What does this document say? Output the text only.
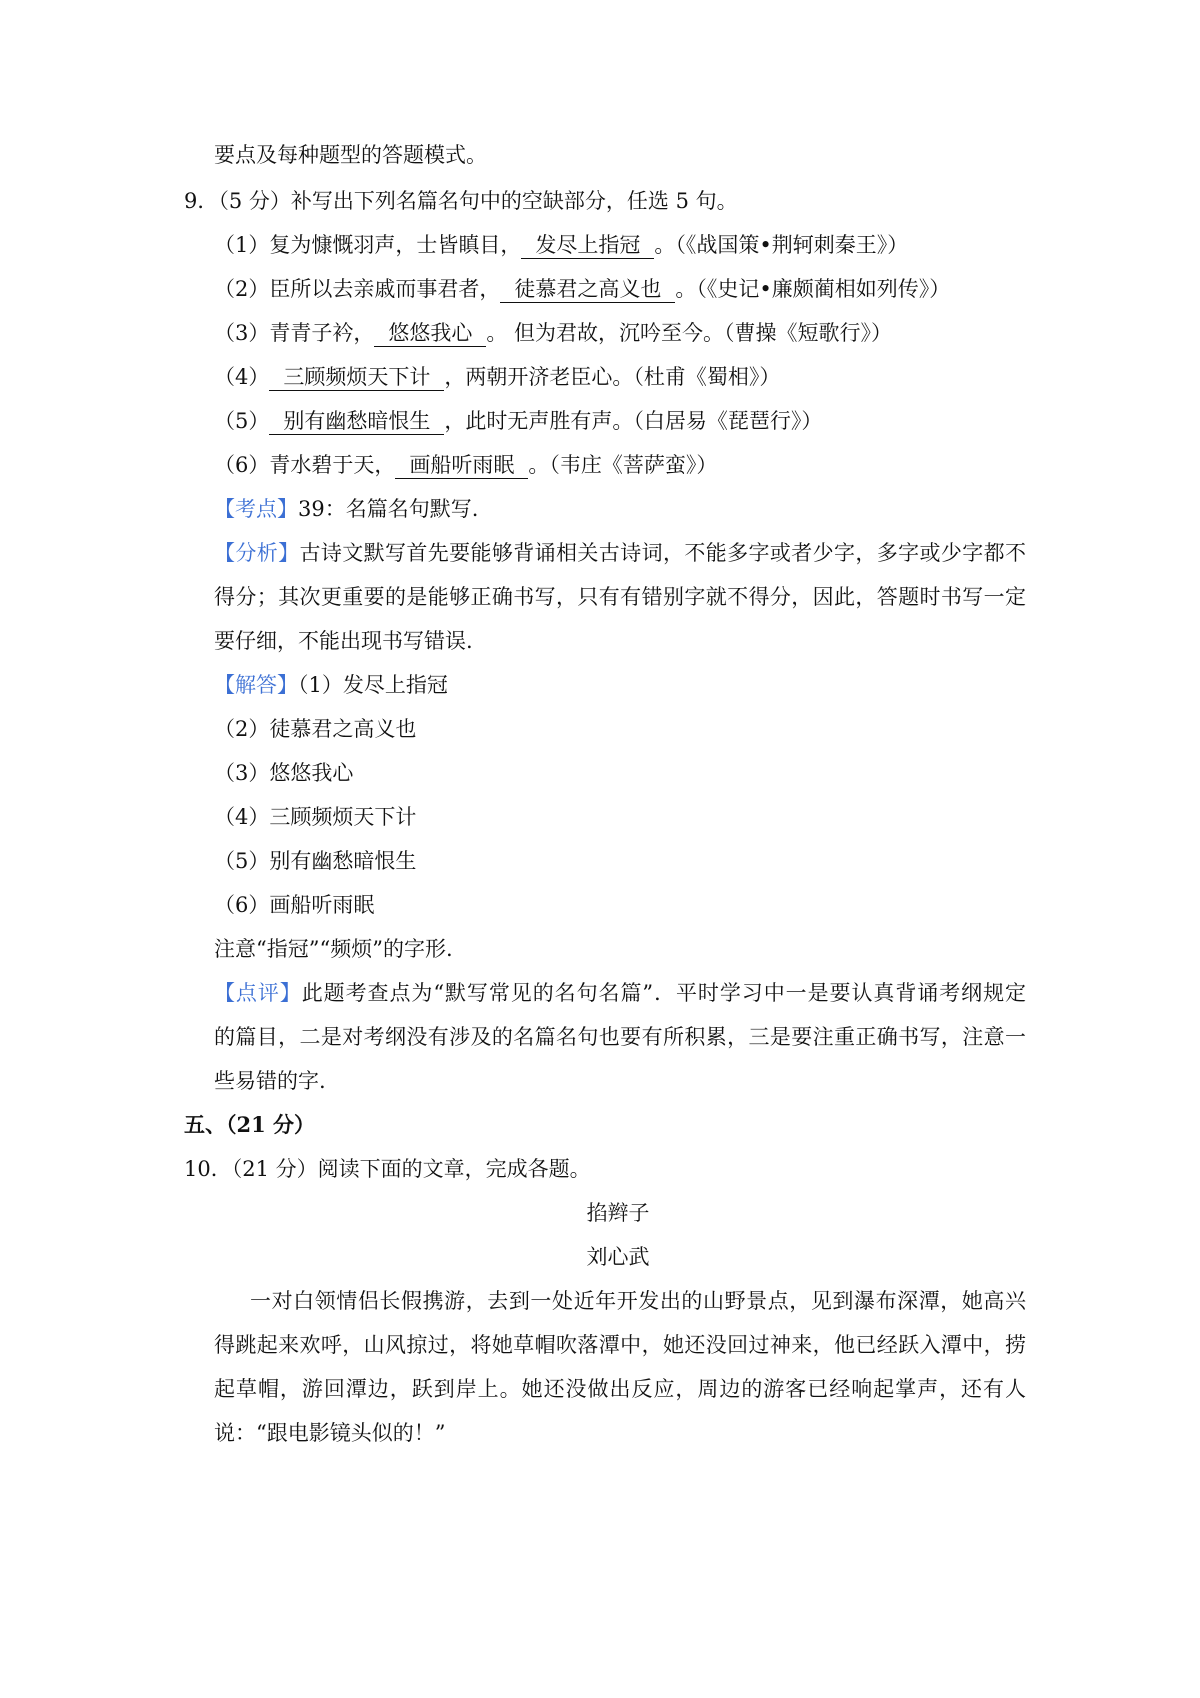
要点及每种题型的答题模式。
9．（5 分）补写出下列名篇名句中的空缺部分，任选 5 句。
（1）复为慷慨羽声，士皆瞋目， 发尽上指冠 。（《战国策•荆轲刺秦王》）
（2）臣所以去亲戚而事君者， 徒慕君之高义也 。（《史记•廉颇蔺相如列传》）
（3）青青子衿， 悠悠我心 。 但为君故，沉吟至今。（曹操《短歌行》）
（4） 三顾频烦天下计 ，两朝开济老臣心。（杜甫《蜀相》）
（5） 别有幽愁暗恨生 ，此时无声胜有声。（白居易《琵琶行》）
（6）青水碧于天， 画船听雨眠 。（韦庄《菩萨蛮》）
【考点】39：名篇名句默写.
【分析】古诗文默写首先要能够背诵相关古诗词，不能多字或者少字，多字或少字都不
得分；其次更重要的是能够正确书写，只有有错别字就不得分，因此，答题时书写一定
要仔细，不能出现书写错误.
【解答】（1）发尽上指冠
（2）徒慕君之高义也
（3）悠悠我心
（4）三顾频烦天下计
（5）别有幽愁暗恨生
（6）画船听雨眠
注意“指冠”“频烦”的字形.
【点评】此题考查点为“默写常见的名句名篇”．平时学习中一是要认真背诵考纲规定
的篇目，二是对考纲没有涉及的名篇名句也要有所积累，三是要注重正确书写，注意一
些易错的字.
五、（21 分）
10．（21 分）阅读下面的文章，完成各题。
掐辫子
刘心武
一对白领情侣长假携游，去到一处近年开发出的山野景点，见到瀑布深潭，她高兴
得跳起来欢呼，山风掠过，将她草帽吹落潭中，她还没回过神来，他已经跃入潭中，捞
起草帽，游回潭边，跃到岸上。她还没做出反应，周边的游客已经响起掌声，还有人
说：“跟电影镜头似的！”
